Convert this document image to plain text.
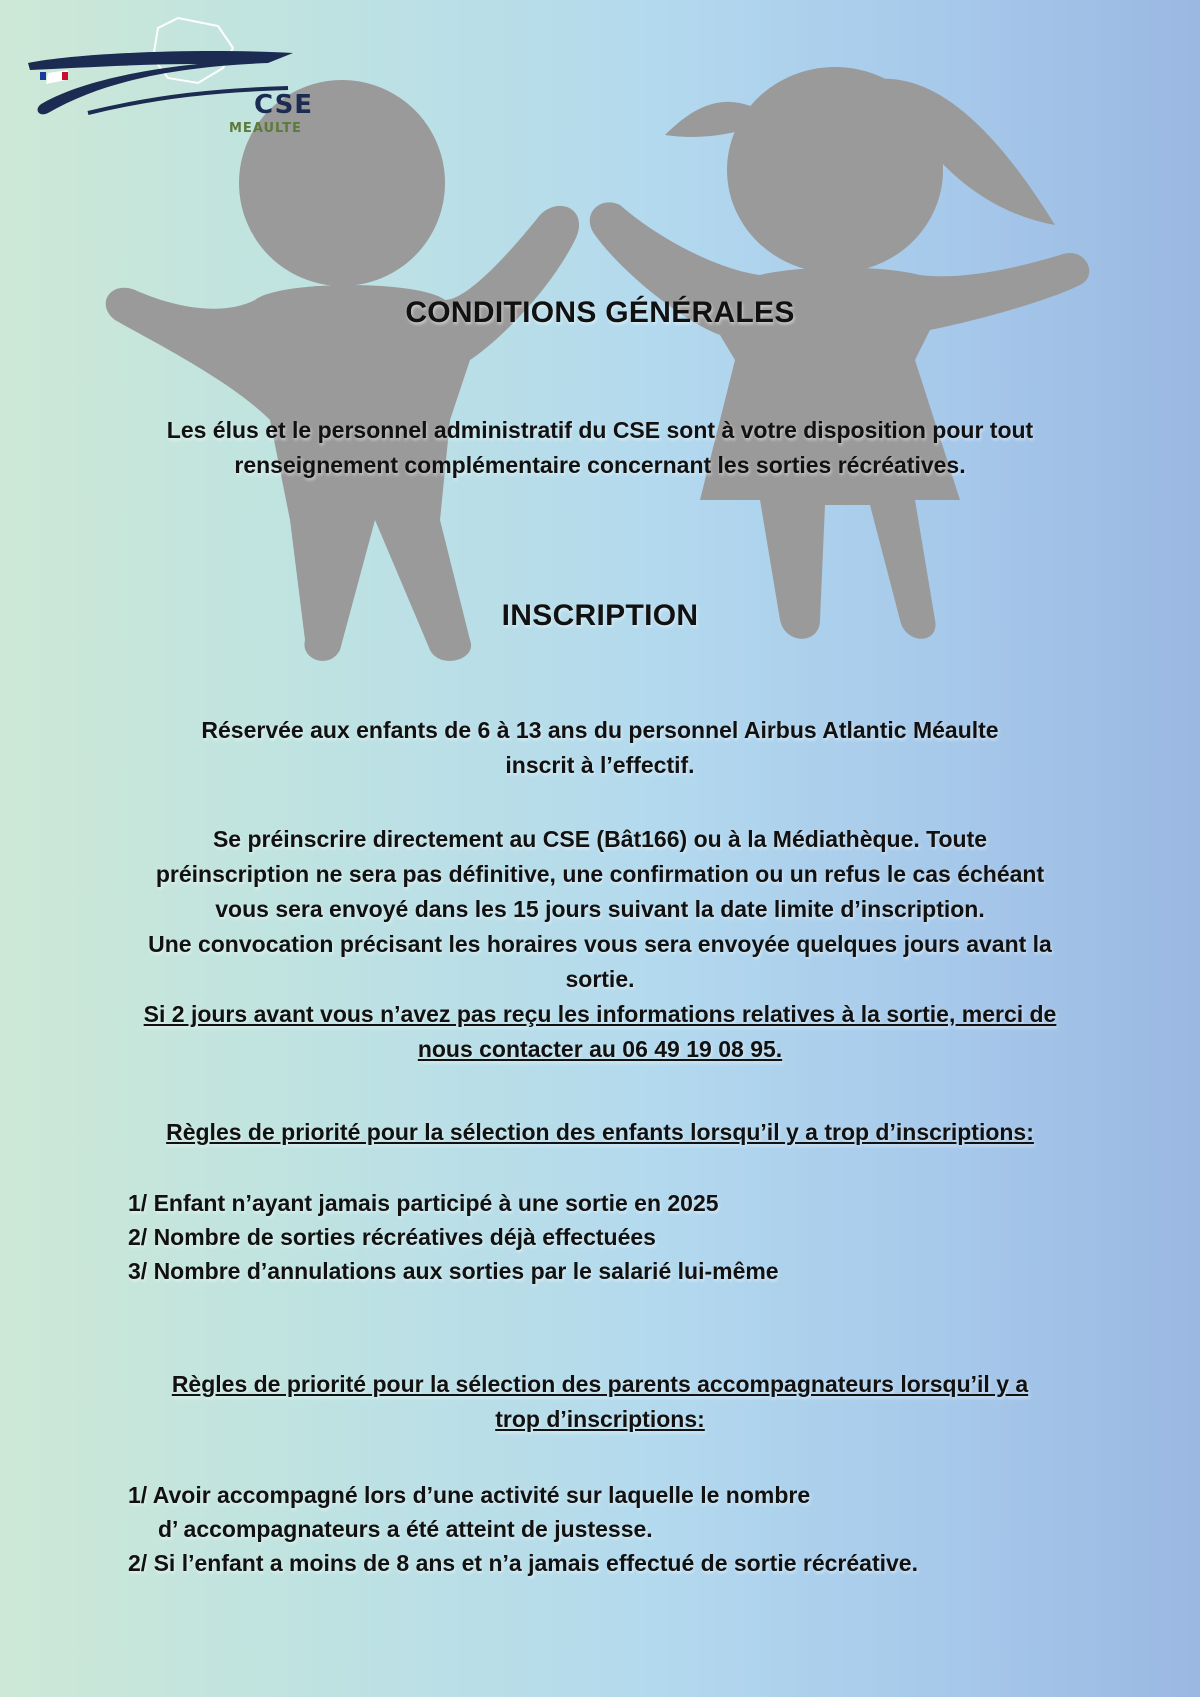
CSE
MEAULTE
CONDITIONS GÉNÉRALES
Les élus et le personnel administratif du CSE sont à votre disposition pour tout
renseignement complémentaire concernant les sorties récréatives.
INSCRIPTION
Réservée aux enfants de 6 à 13 ans du personnel Airbus Atlantic Méaulte
inscrit à l’effectif.
Se préinscrire directement au CSE (Bât166) ou à la Médiathèque. Toute
préinscription ne sera pas définitive, une confirmation ou un refus le cas échéant
vous sera envoyé dans les 15 jours suivant la date limite d’inscription.
Une convocation précisant les horaires vous sera envoyée quelques jours avant la
sortie.
Si 2 jours avant vous n’avez pas reçu les informations relatives à la sortie, merci de
nous contacter au 06 49 19 08 95.
Règles de priorité pour la sélection des enfants lorsqu’il y a trop d’inscriptions:
1/ Enfant n’ayant jamais participé à une sortie en 2025
2/ Nombre de sorties récréatives déjà effectuées
3/ Nombre d’annulations aux sorties par le salarié lui-même
Règles de priorité pour la sélection des parents accompagnateurs lorsqu’il y a
trop d’inscriptions:
1/ Avoir accompagné lors d’une activité sur laquelle le nombre
d’ accompagnateurs a été atteint de justesse.
2/ Si l’enfant a moins de 8 ans et n’a jamais effectué de sortie récréative.
